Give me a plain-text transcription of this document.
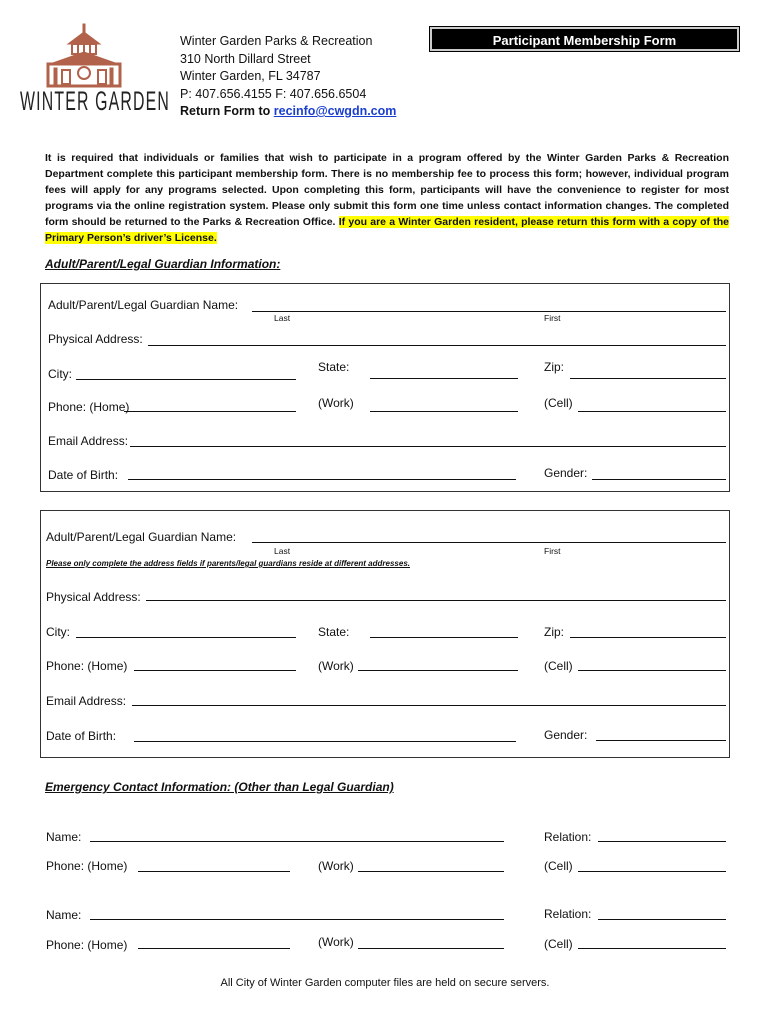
WINTER GARDEN
Winter Garden Parks & Recreation
310 North Dillard Street
Winter Garden, FL 34787
P: 407.656.4155 F: 407.656.6504
Return Form to recinfo@cwgdn.com
Participant Membership Form
It is required that individuals or families that wish to participate in a program offered by the Winter Garden Parks & Recreation Department complete this participant membership form. There is no membership fee to process this form; however, individual program fees will apply for any programs selected. Upon completing this form, participants will have the convenience to register for most programs via the online registration system. Please only submit this form one time unless contact information changes. The completed form should be returned to the Parks & Recreation Office. If you are a Winter Garden resident, please return this form with a copy of the Primary Person’s driver’s License.
Adult/Parent/Legal Guardian Information:
Adult/Parent/Legal Guardian Name:
Last	First
Physical Address:
City:	State:	Zip:
Phone: (Home)	(Work)	(Cell)
Email Address:
Date of Birth:	Gender:
Adult/Parent/Legal Guardian Name:
Last	First
Please only complete the address fields if parents/legal guardians reside at different addresses.
Physical Address:
City:	State:	Zip:
Phone: (Home)	(Work)	(Cell)
Email Address:
Date of Birth:	Gender:
Emergency Contact Information: (Other than Legal Guardian)
Name:	Relation:
Phone: (Home)	(Work)	(Cell)
Name:	Relation:
Phone: (Home)	(Work)	(Cell)
All City of Winter Garden computer files are held on secure servers.
